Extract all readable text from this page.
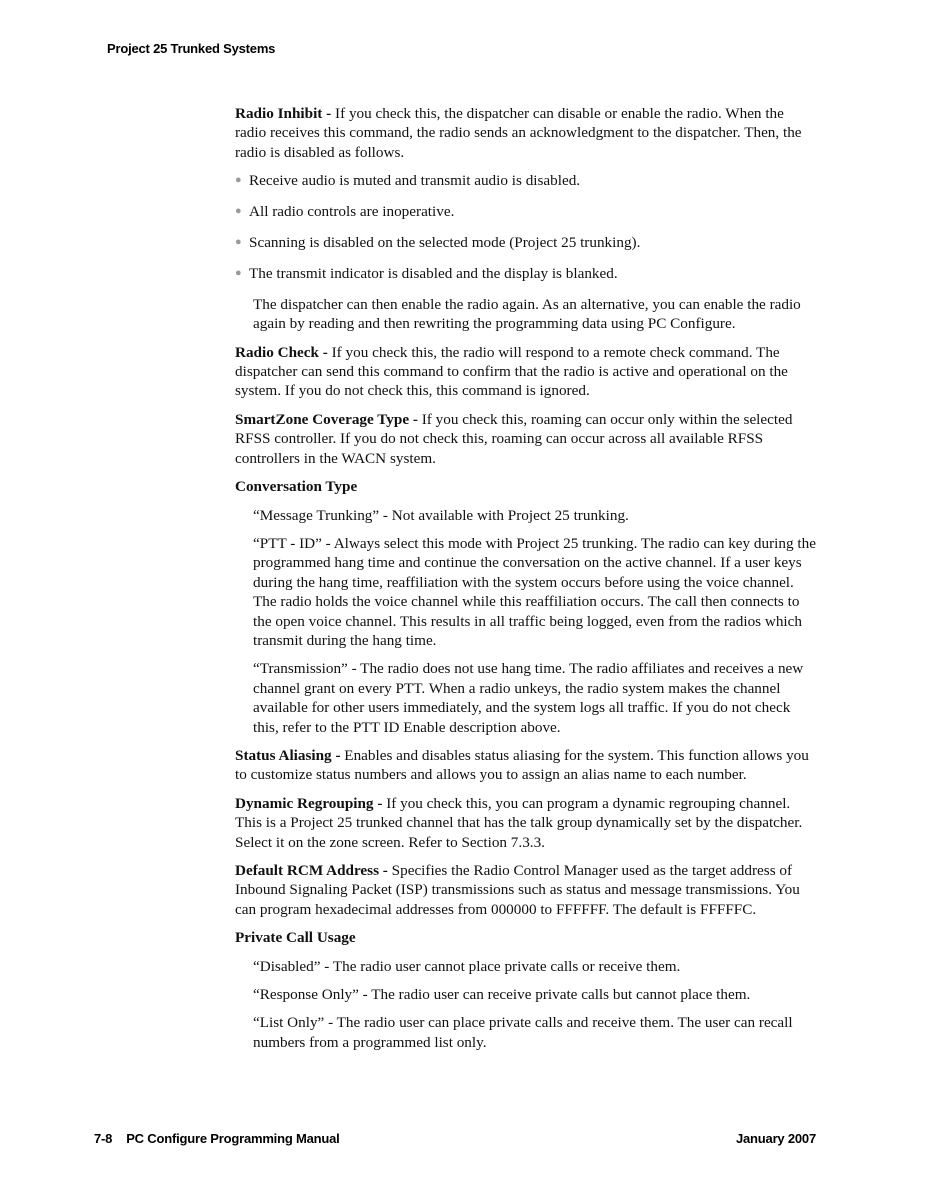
Project 25 Trunked Systems

Radio Inhibit - If you check this, the dispatcher can disable or enable the radio. When the radio receives this command, the radio sends an acknowledgment to the dispatcher. Then, the radio is disabled as follows.

● Receive audio is muted and transmit audio is disabled.
● All radio controls are inoperative.
● Scanning is disabled on the selected mode (Project 25 trunking).
● The transmit indicator is disabled and the display is blanked.

The dispatcher can then enable the radio again. As an alternative, you can enable the radio again by reading and then rewriting the programming data using PC Configure.

Radio Check - If you check this, the radio will respond to a remote check command. The dispatcher can send this command to confirm that the radio is active and operational on the system. If you do not check this, this command is ignored.

SmartZone Coverage Type - If you check this, roaming can occur only within the selected RFSS controller. If you do not check this, roaming can occur across all available RFSS controllers in the WACN system.

Conversation Type

“Message Trunking” - Not available with Project 25 trunking.

“PTT - ID” - Always select this mode with Project 25 trunking. The radio can key during the programmed hang time and continue the conversation on the active channel. If a user keys during the hang time, reaffiliation with the system occurs before using the voice channel. The radio holds the voice channel while this reaffiliation occurs. The call then connects to the open voice channel. This results in all traffic being logged, even from the radios which transmit during the hang time.

“Transmission” - The radio does not use hang time. The radio affiliates and receives a new channel grant on every PTT. When a radio unkeys, the radio system makes the channel available for other users immediately, and the system logs all traffic. If you do not check this, refer to the PTT ID Enable description above.

Status Aliasing - Enables and disables status aliasing for the system. This function allows you to customize status numbers and allows you to assign an alias name to each number.

Dynamic Regrouping - If you check this, you can program a dynamic regrouping channel. This is a Project 25 trunked channel that has the talk group dynamically set by the dispatcher. Select it on the zone screen. Refer to Section 7.3.3.

Default RCM Address - Specifies the Radio Control Manager used as the target address of Inbound Signaling Packet (ISP) transmissions such as status and message transmissions. You can program hexadecimal addresses from 000000 to FFFFFF. The default is FFFFFC.

Private Call Usage

“Disabled” - The radio user cannot place private calls or receive them.

“Response Only” - The radio user can receive private calls but cannot place them.

“List Only” - The radio user can place private calls and receive them. The user can recall numbers from a programmed list only.

7-8 PC Configure Programming Manual	January 2007
